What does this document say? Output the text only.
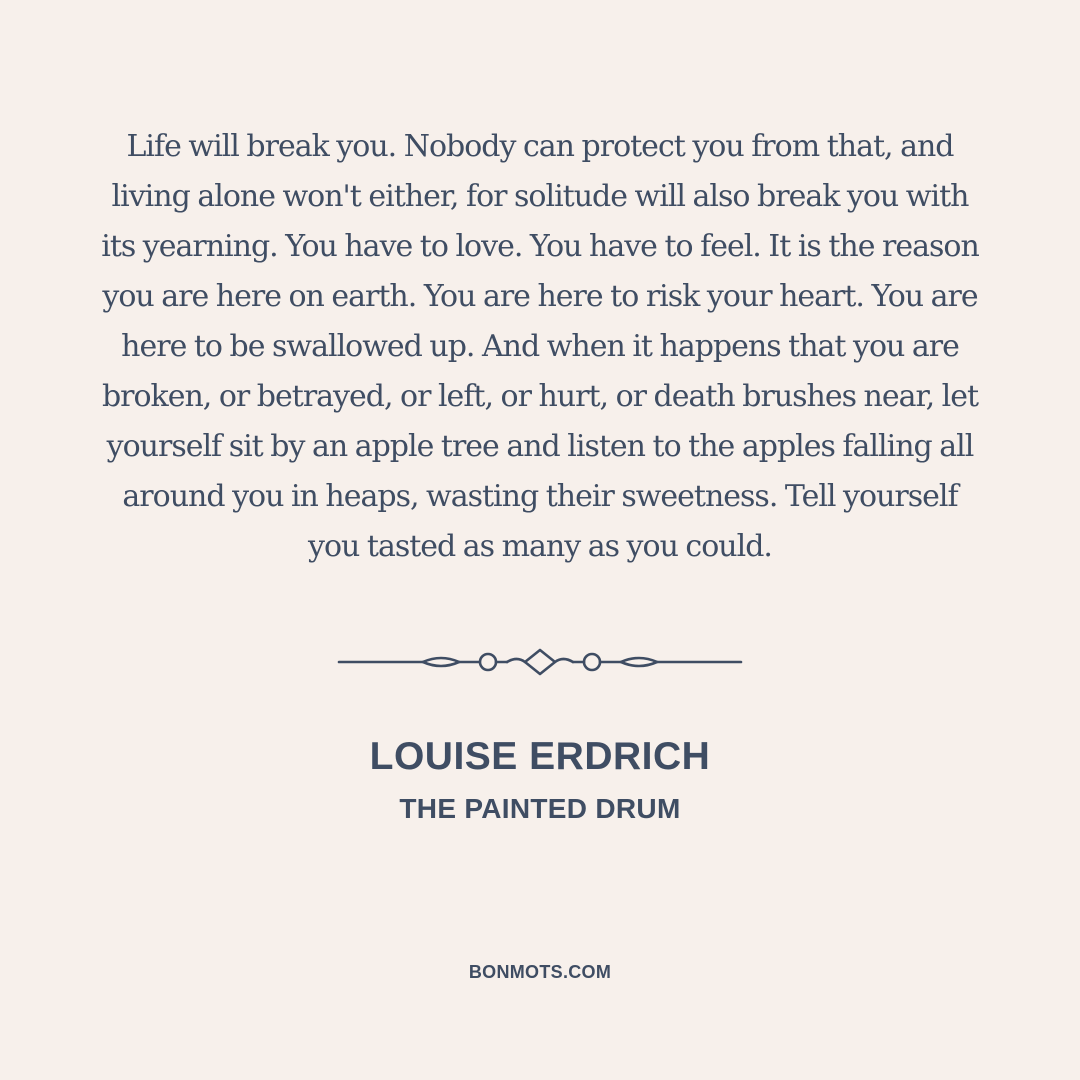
Life will break you. Nobody can protect you from that, and living alone won't either, for solitude will also break you with its yearning. You have to love. You have to feel. It is the reason you are here on earth. You are here to risk your heart. You are here to be swallowed up. And when it happens that you are broken, or betrayed, or left, or hurt, or death brushes near, let yourself sit by an apple tree and listen to the apples falling all around you in heaps, wasting their sweetness. Tell yourself you tasted as many as you could.

LOUISE ERDRICH
THE PAINTED DRUM
BONMOTS.COM
